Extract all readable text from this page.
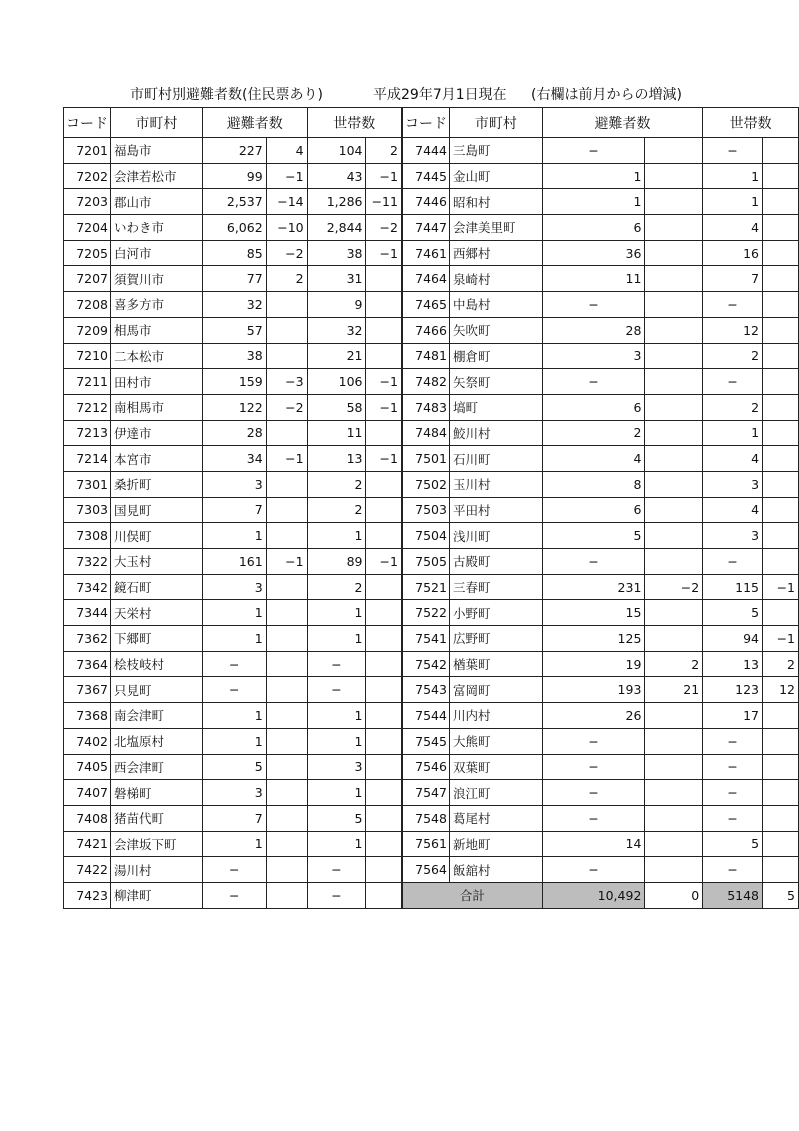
市町村別避難者数(住民票あり)	平成29年7月1日現在 (右欄は前月からの増減)
コード	市町村	避難者数		世帯数		コード	市町村	避難者数		世帯数	
7201	福島市	227	4	104	2	7444	三島町	−		−	
7202	会津若松市	99	−1	43	−1	7445	金山町	1		1	
7203	郡山市	2,537	−14	1,286	−11	7446	昭和村	1		1	
7204	いわき市	6,062	−10	2,844	−2	7447	会津美里町	6		4	
7205	白河市	85	−2	38	−1	7461	西郷村	36		16	
7207	須賀川市	77	2	31		7464	泉崎村	11		7	
7208	喜多方市	32		9		7465	中島村	−		−	
7209	相馬市	57		32		7466	矢吹町	28		12	
7210	二本松市	38		21		7481	棚倉町	3		2	
7211	田村市	159	−3	106	−1	7482	矢祭町	−		−	
7212	南相馬市	122	−2	58	−1	7483	塙町	6		2	
7213	伊達市	28		11		7484	鮫川村	2		1	
7214	本宮市	34	−1	13	−1	7501	石川町	4		4	
7301	桑折町	3		2		7502	玉川村	8		3	
7303	国見町	7		2		7503	平田村	6		4	
7308	川俣町	1		1		7504	浅川町	5		3	
7322	大玉村	161	−1	89	−1	7505	古殿町	−		−	
7342	鏡石町	3		2		7521	三春町	231	−2	115	−1
7344	天栄村	1		1		7522	小野町	15		5	
7362	下郷町	1		1		7541	広野町	125		94	−1
7364	桧枝岐村	−		−		7542	楢葉町	19	2	13	2
7367	只見町	−		−		7543	富岡町	193	21	123	12
7368	南会津町	1		1		7544	川内村	26		17	
7402	北塩原村	1		1		7545	大熊町	−		−	
7405	西会津町	5		3		7546	双葉町	−		−	
7407	磐梯町	3		1		7547	浪江町	−		−	
7408	猪苗代町	7		5		7548	葛尾村	−		−	
7421	会津坂下町	1		1		7561	新地町	14		5	
7422	湯川村	−		−		7564	飯舘村	−		−	
7423	柳津町	−		−		合計		10,492	0	5148	5
